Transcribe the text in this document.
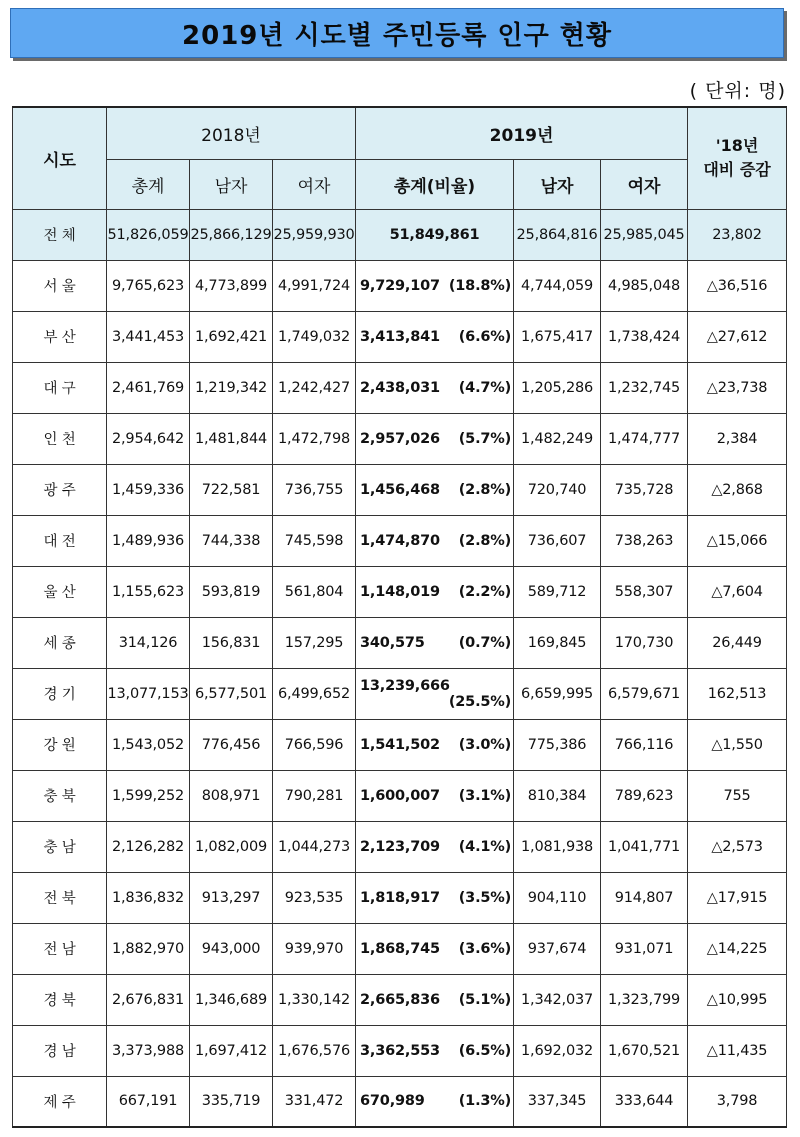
2019년 시도별 주민등록 인구 현황
( 단위: 명)
시도	2018년			2019년			'18년
대비 증감

	총계	남자	여자	총계(비율)	남자	여자	
전 체	51,826,059	25,866,129	25,959,930	51,849,861	25,864,816	25,985,045	23,802
서 울	9,765,623	4,773,899	4,991,724	9,729,107 (18.8%)	4,744,059	4,985,048	△36,516
부 산	3,441,453	1,692,421	1,749,032	3,413,841 (6.6%)	1,675,417	1,738,424	△27,612
대 구	2,461,769	1,219,342	1,242,427	2,438,031 (4.7%)	1,205,286	1,232,745	△23,738
인 천	2,954,642	1,481,844	1,472,798	2,957,026 (5.7%)	1,482,249	1,474,777	2,384
광 주	1,459,336	722,581	736,755	1,456,468 (2.8%)	720,740	735,728	△2,868
대 전	1,489,936	744,338	745,598	1,474,870 (2.8%)	736,607	738,263	△15,066
울 산	1,155,623	593,819	561,804	1,148,019 (2.2%)	589,712	558,307	△7,604
세 종	314,126	156,831	157,295	340,575 (0.7%)	169,845	170,730	26,449
경 기	13,077,153	6,577,501	6,499,652	13,239,666
(25.5%)	6,659,995	6,579,671	162,513
강 원	1,543,052	776,456	766,596	1,541,502 (3.0%)	775,386	766,116	△1,550
충 북	1,599,252	808,971	790,281	1,600,007 (3.1%)	810,384	789,623	755
충 남	2,126,282	1,082,009	1,044,273	2,123,709 (4.1%)	1,081,938	1,041,771	△2,573
전 북	1,836,832	913,297	923,535	1,818,917 (3.5%)	904,110	914,807	△17,915
전 남	1,882,970	943,000	939,970	1,868,745 (3.6%)	937,674	931,071	△14,225
경 북	2,676,831	1,346,689	1,330,142	2,665,836 (5.1%)	1,342,037	1,323,799	△10,995
경 남	3,373,988	1,697,412	1,676,576	3,362,553 (6.5%)	1,692,032	1,670,521	△11,435
제 주	667,191	335,719	331,472	670,989 (1.3%)	337,345	333,644	3,798
